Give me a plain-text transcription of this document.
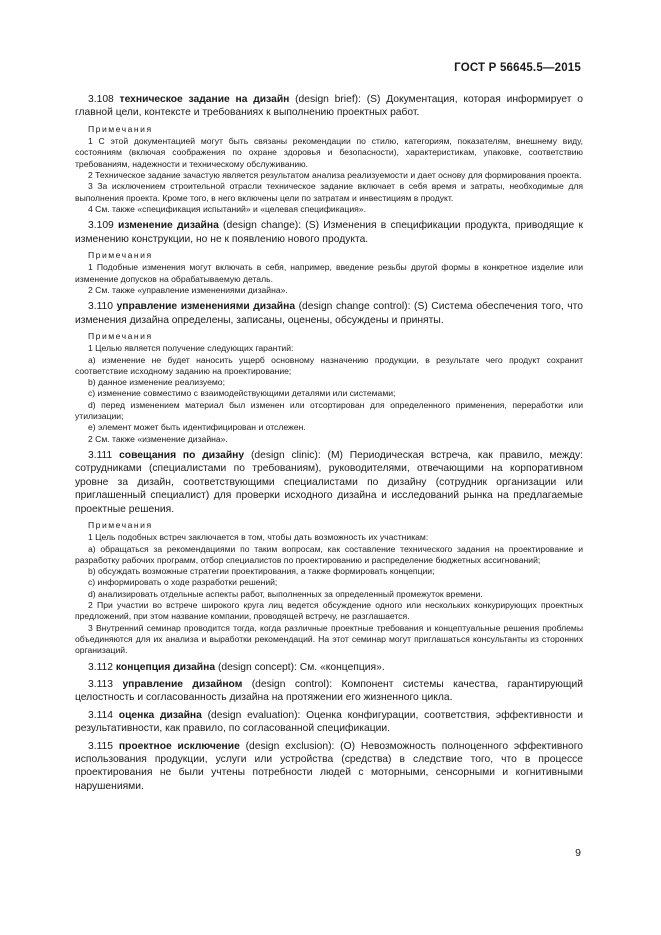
ГОСТ Р 56645.5—2015

3.108 техническое задание на дизайн (design brief): (S) Документация, которая информирует о главной цели, контексте и требованиях к выполнению проектных работ.

Примечания

1 С этой документацией могут быть связаны рекомендации по стилю, категориям, показателям, внешнему виду, состояниям (включая соображения по охране здоровья и безопасности), характеристикам, упаковке, соответствию требованиям, надежности и техническому обслуживанию.

2 Техническое задание зачастую является результатом анализа реализуемости и дает основу для формирования проекта.

3 За исключением строительной отрасли техническое задание включает в себя время и затраты, необходимые для выполнения проекта. Кроме того, в него включены цели по затратам и инвестициям в продукт.

4 См. также «спецификация испытаний» и «целевая спецификация».

3.109 изменение дизайна (design change): (S) Изменения в спецификации продукта, приводящие к изменению конструкции, но не к появлению нового продукта.

Примечания

1 Подобные изменения могут включать в себя, например, введение резьбы другой формы в конкретное изделие или изменение допусков на обрабатываемую деталь.

2 См. также «управление изменениями дизайна».

3.110 управление изменениями дизайна (design change control): (S) Система обеспечения того, что изменения дизайна определены, записаны, оценены, обсуждены и приняты.

Примечания

1 Целью является получение следующих гарантий:

а) изменение не будет наносить ущерб основному назначению продукции, в результате чего продукт сохранит соответствие исходному заданию на проектирование;

b) данное изменение реализуемо;

c) изменение совместимо с взаимодействующими деталями или системами;

d) перед изменением материал был изменен или отсортирован для определенного применения, переработки или утилизации;

e) элемент может быть идентифицирован и отслежен.

2 См. также «изменение дизайна».

3.111 совещания по дизайну (design clinic): (M) Периодическая встреча, как правило, между: сотрудниками (специалистами по требованиям), руководителями, отвечающими на корпоративном уровне за дизайн, соответствующими специалистами по дизайну (сотрудник организации или приглашенный специалист) для проверки исходного дизайна и исследований рынка на предлагаемые проектные решения.

Примечания

1 Цель подобных встреч заключается в том, чтобы дать возможность их участникам:

а) обращаться за рекомендациями по таким вопросам, как составление технического задания на проектирование и разработку рабочих программ, отбор специалистов по проектированию и распределение бюджетных ассигнований;

b) обсуждать возможные стратегии проектирования, а также формировать концепции;

c) информировать о ходе разработки решений;

d) анализировать отдельные аспекты работ, выполненных за определенный промежуток времени.

2 При участии во встрече широкого круга лиц ведется обсуждение одного или нескольких конкурирующих проектных предложений, при этом название компании, проводящей встречу, не разглашается.

3 Внутренний семинар проводится тогда, когда различные проектные требования и концептуальные решения проблемы объединяются для их анализа и выработки рекомендаций. На этот семинар могут приглашаться консультанты из сторонних организаций.

3.112 концепция дизайна (design concept): См. «концепция».

3.113 управление дизайном (design control): Компонент системы качества, гарантирующий целостность и согласованность дизайна на протяжении его жизненного цикла.

3.114 оценка дизайна (design evaluation): Оценка конфигурации, соответствия, эффективности и результативности, как правило, по согласованной спецификации.

3.115 проектное исключение (design exclusion): (O) Невозможность полноценного эффективного использования продукции, услуги или устройства (средства) в следствие того, что в процессе проектирования не были учтены потребности людей с моторными, сенсорными и когнитивными нарушениями.

9
